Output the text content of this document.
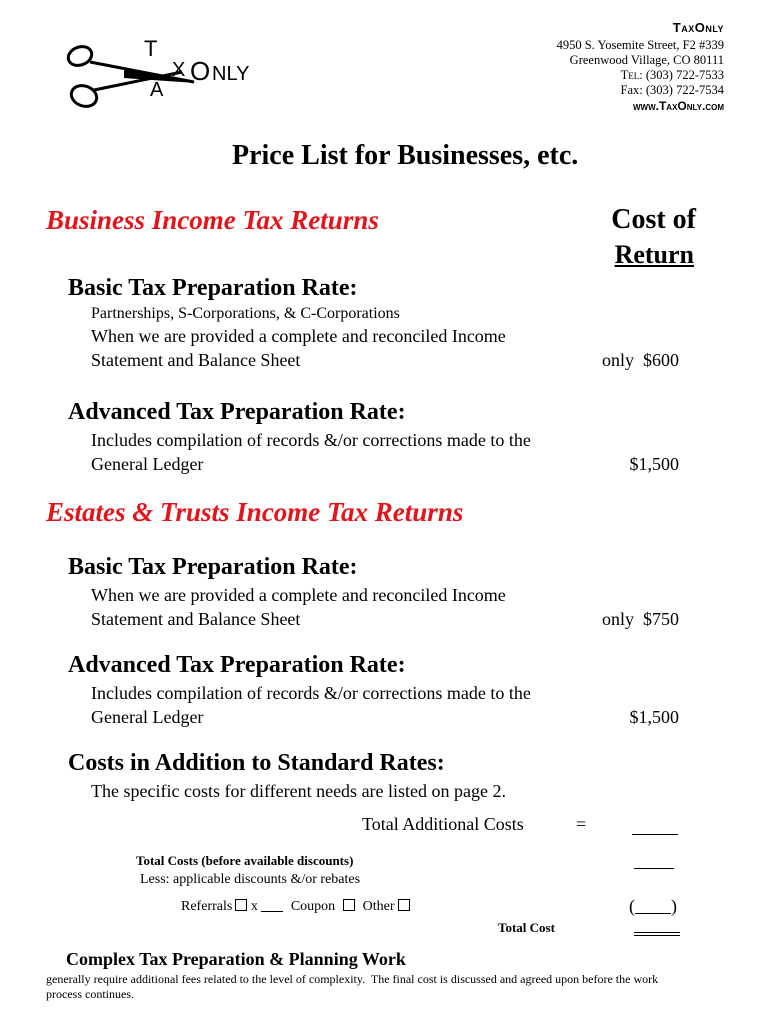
T
X O NLY
A
TaxOnly
4950 S. Yosemite Street, F2 #339
Greenwood Village, CO 80111
Tel: (303) 722-7533
Fax: (303) 722-7534
www.TaxOnly.com
Price List for Businesses, etc.
Business Income Tax Returns	Cost of
Return
Basic Tax Preparation Rate:
Partnerships, S-Corporations, & C-Corporations
When we are provided a complete and reconciled Income
Statement and Balance Sheet	only  $600
Advanced Tax Preparation Rate:
Includes compilation of records &/or corrections made to the
General Ledger	$1,500
Estates & Trusts Income Tax Returns
Basic Tax Preparation Rate:
When we are provided a complete and reconciled Income
Statement and Balance Sheet	only  $750
Advanced Tax Preparation Rate:
Includes compilation of records &/or corrections made to the
General Ledger	$1,500
Costs in Addition to Standard Rates:
The specific costs for different needs are listed on page 2.
Total Additional Costs	=
Total Costs (before available discounts)
Less: applicable discounts &/or rebates
Referrals x Coupon Other	( )
Total Cost
Complex Tax Preparation & Planning Work
generally require additional fees related to the level of complexity.  The final cost is discussed and agreed upon before the work
process continues.
